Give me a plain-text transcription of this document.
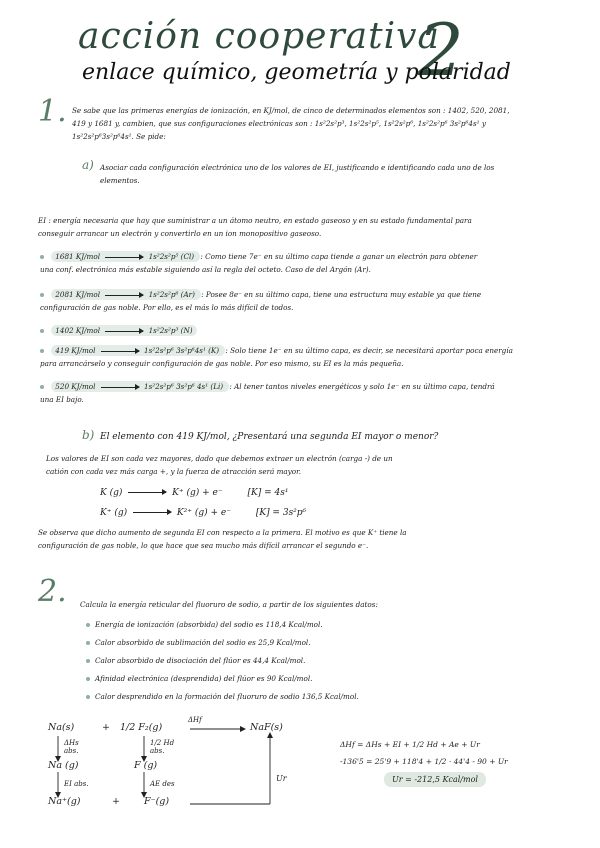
acción cooperativa
2
enlace químico, geometría y polaridad
1. Se sabe que las primeras energías de ionización, en KJ/mol, de cinco de determinados elementos son : 1402, 520, 2081,
419 y 1681 y, cambien, que sus configuraciones electrónicas son : 1s²2s²p³, 1s²2s²p⁵, 1s²2s²p⁶, 1s²2s²p⁶ 3s²p⁶4s¹ y
1s²2s²p⁶3s²p⁶4s¹. Se pide:
a) Asociar cada configuración electrónica uno de los valores de EI, justificando e identificando cada uno de los
elementos.
EI : energía necesaria que hay que suministrar a un átomo neutro, en estado gaseoso y en su estado fundamental para
conseguir arrancar un electrón y convertirlo en un ion monopositivo gaseoso.
1681 KJ/mol	1s²2s²p⁵ (Cl) : Como tiene 7e⁻ en su último capa tiende a ganar un electrón para obtener
una conf. electrónica más estable siguiendo así la regla del octeto. Caso de del Argón (Ar).
2081 KJ/mol	1s²2s²p⁶ (Ar) : Posee 8e⁻ en su último capa, tiene una estructura muy estable ya que tiene
configuración de gas noble. Por ello, es el más lo más difícil de todos.
1402 KJ/mol	1s²2s²p³ (N)
419 KJ/mol	1s²2s²p⁶ 3s²p⁶4s¹ (K) : Solo tiene 1e⁻ en su último capa, es decir, se necesitará aportar poca energía
para arrancárselo y conseguir configuración de gas noble. Por eso mismo, su EI es la más pequeña.
520 KJ/mol	1s²2s²p⁶ 3s²p⁶ 4s¹ (Li) : Al tener tantos niveles energéticos y solo 1e⁻ en su último capa, tendrá
una EI bajo.
b) El elemento con 419 KJ/mol, ¿Presentará una segunda EI mayor o menor?
Los valores de EI son cada vez mayores, dado que debemos extraer un electrón (carga -) de un
catión con cada vez más carga +, y la fuerza de atracción será mayor.
K (g)	K⁺ (g) + e⁻	[K] = 4s¹
K⁺ (g)	K²⁺ (g) + e⁻	[K] = 3s²p⁶
Se observa que dicho aumento de segunda EI con respecto a la primera. El motivo es que K⁺ tiene la
configuración de gas noble, lo que hace que sea mucho más difícil arrancar el segundo e⁻.
2. Calcula la energía reticular del fluoruro de sodio, a partir de los siguientes datos:
Energía de ionización (absorbida) del sodio es 118,4 Kcal/mol.
Calor absorbido de sublimación del sodio es 25,9 Kcal/mol.
Calor absorbido de disociación del flúor es 44,4 Kcal/mol.
Afinidad electrónica (desprendida) del flúor es 90 Kcal/mol.
Calor desprendido en la formación del fluoruro de sodio 136,5 Kcal/mol.
Na(s)	+ 1/2 F₂(g)
ΔHf
NaF(s)
ΔHs
abs.
1/2 Hd
abs.
Na (g)	F (g)
EI abs.	AE des
Ur
Na⁺(g)	+	F⁻(g)
ΔHf = ΔHs + EI + 1/2 Hd + Ae + Ur
-136'5 = 25'9 + 118'4 + 1/2 · 44'4 - 90 + Ur
Ur = -212,5 Kcal/mol
